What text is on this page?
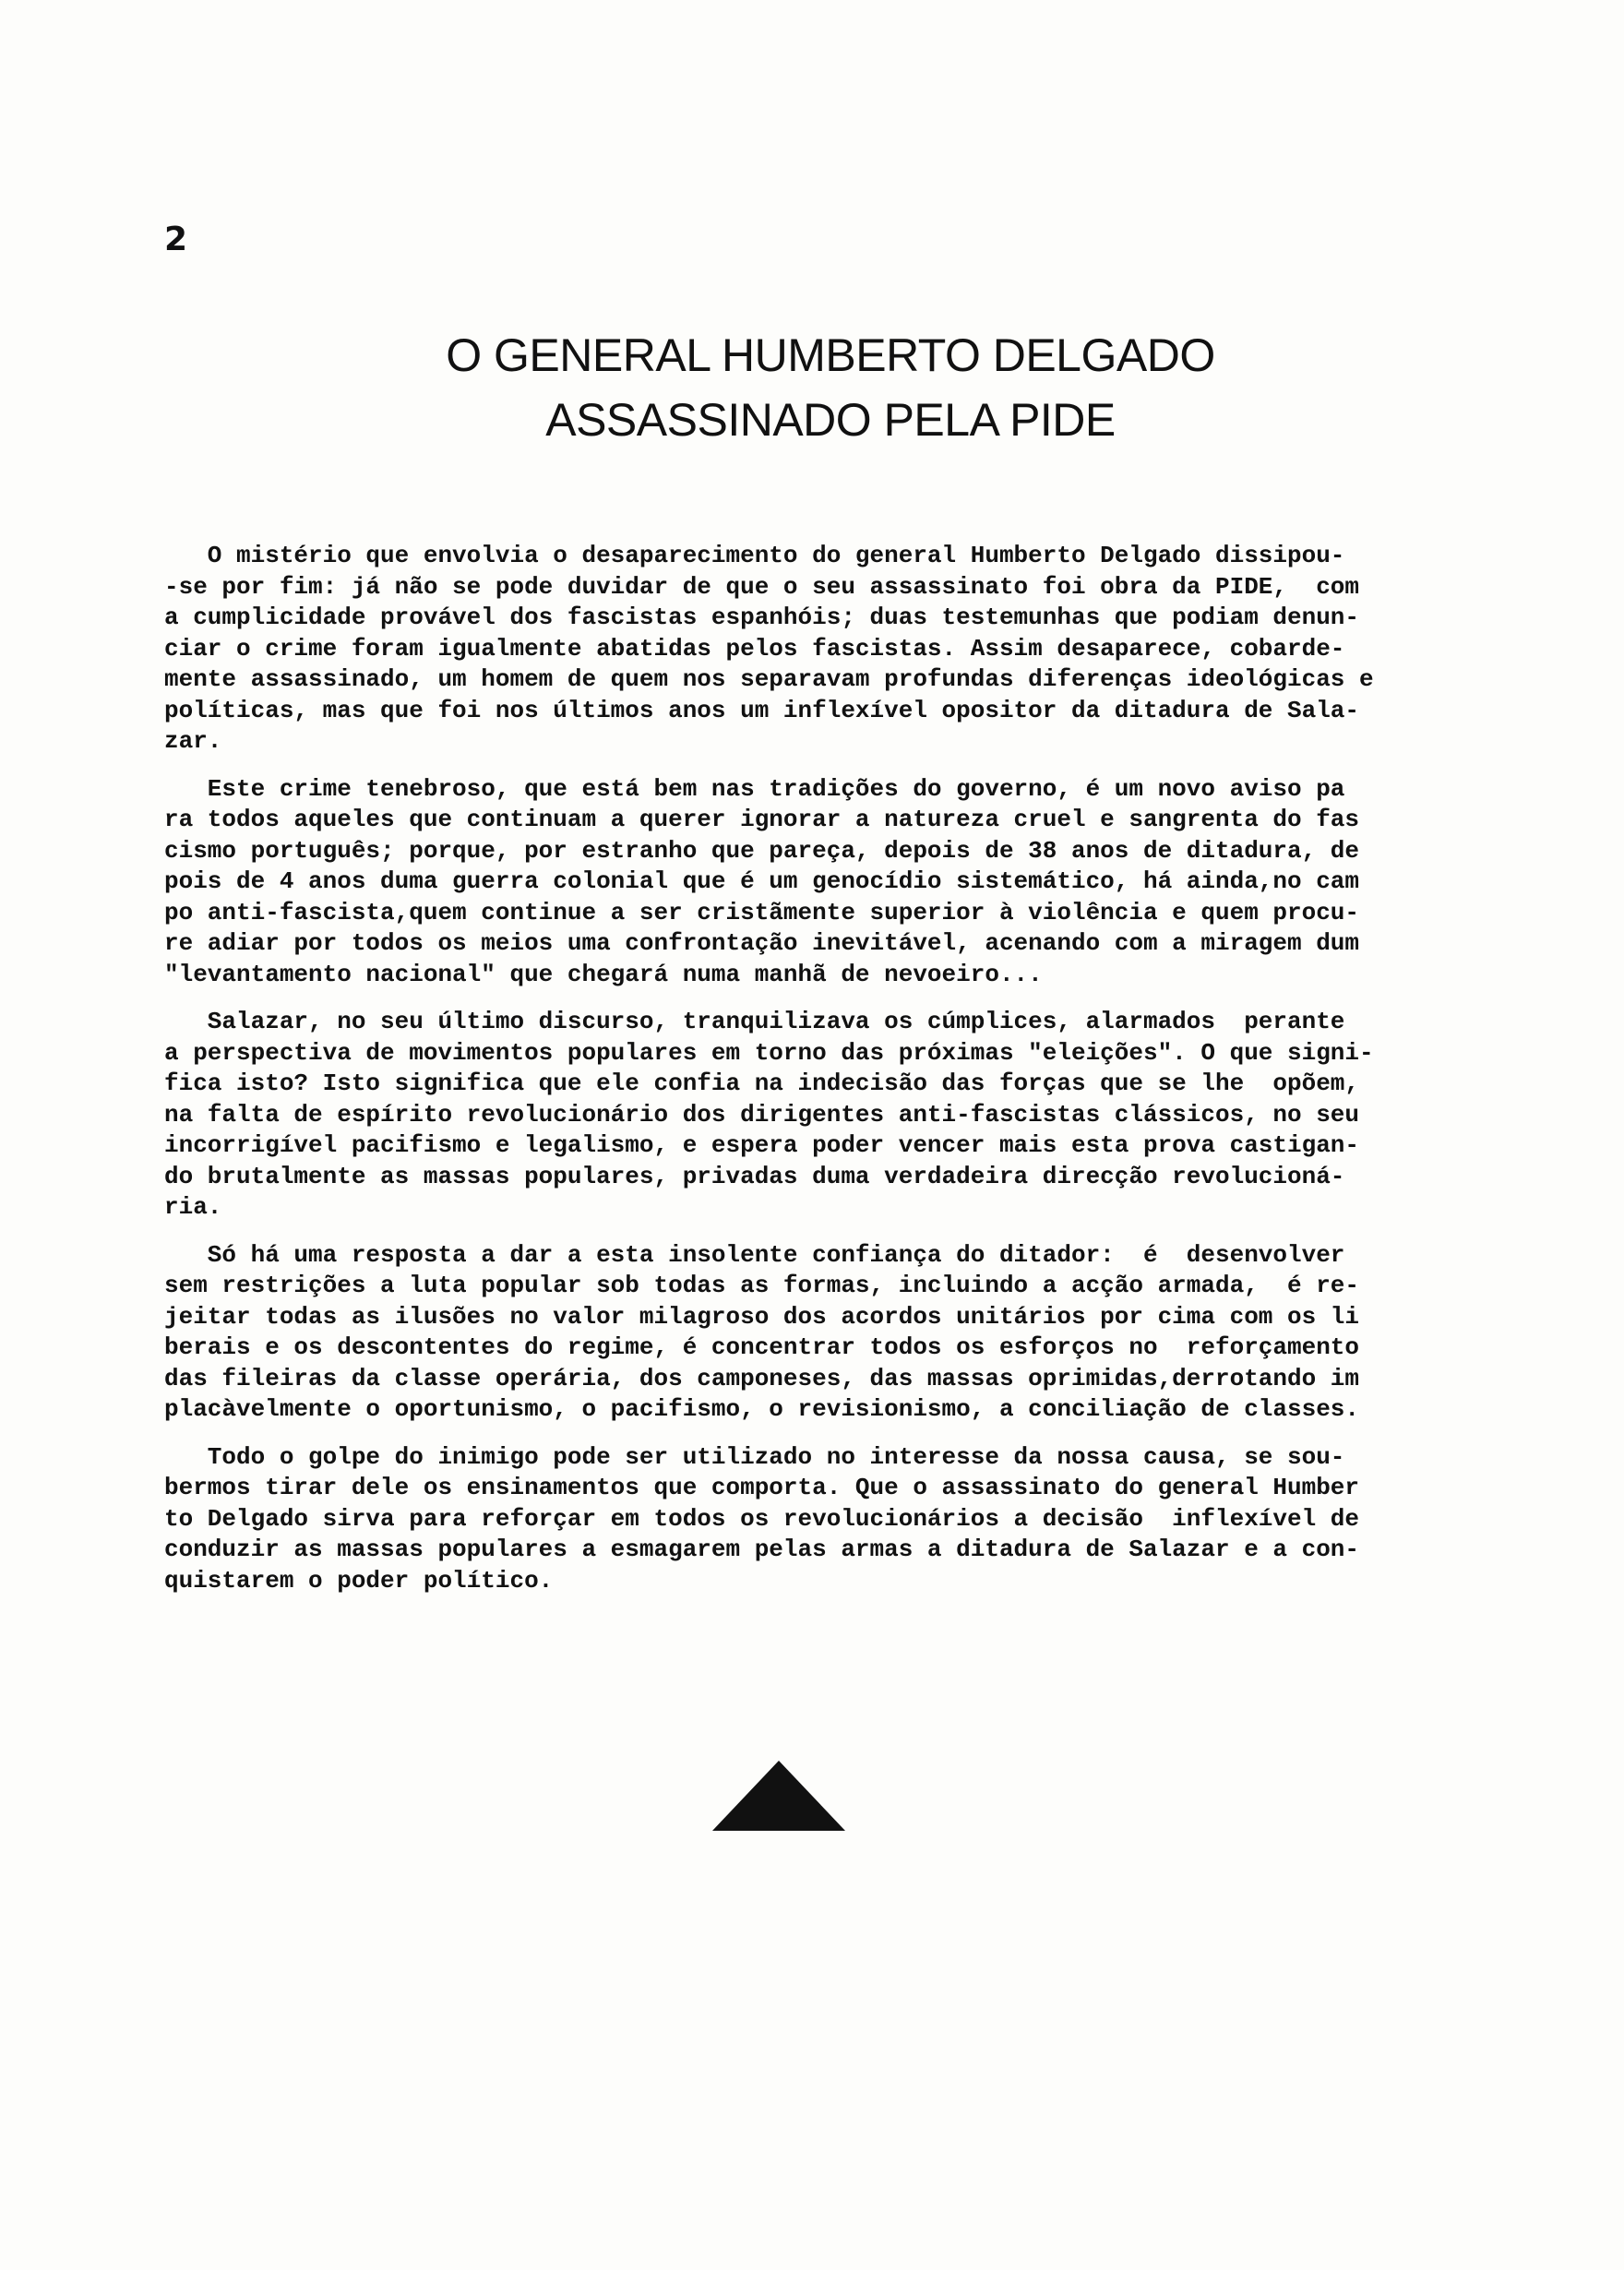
2
O GENERAL HUMBERTO DELGADO
ASSASSINADO PELA PIDE
O mistério que envolvia o desaparecimento do general Humberto Delgado dissipou-
-se por fim: já não se pode duvidar de que o seu assassinato foi obra da PIDE,  com
a cumplicidade provável dos fascistas espanhóis; duas testemunhas que podiam denun-
ciar o crime foram igualmente abatidas pelos fascistas. Assim desaparece, cobarde-
mente assassinado, um homem de quem nos separavam profundas diferenças ideológicas e
políticas, mas que foi nos últimos anos um inflexível opositor da ditadura de Sala-
zar.
Este crime tenebroso, que está bem nas tradições do governo, é um novo aviso pa
ra todos aqueles que continuam a querer ignorar a natureza cruel e sangrenta do fas
cismo português; porque, por estranho que pareça, depois de 38 anos de ditadura, de
pois de 4 anos duma guerra colonial que é um genocídio sistemático, há ainda,no cam
po anti-fascista,quem continue a ser cristãmente superior à violência e quem procu-
re adiar por todos os meios uma confrontação inevitável, acenando com a miragem dum
"levantamento nacional" que chegará numa manhã de nevoeiro...
Salazar, no seu último discurso, tranquilizava os cúmplices, alarmados  perante
a perspectiva de movimentos populares em torno das próximas "eleições". O que signi-
fica isto? Isto significa que ele confia na indecisão das forças que se lhe  opõem,
na falta de espírito revolucionário dos dirigentes anti-fascistas clássicos, no seu
incorrigível pacifismo e legalismo, e espera poder vencer mais esta prova castigan-
do brutalmente as massas populares, privadas duma verdadeira direcção revolucioná-
ria.
Só há uma resposta a dar a esta insolente confiança do ditador:  é  desenvolver
sem restrições a luta popular sob todas as formas, incluindo a acção armada,  é re-
jeitar todas as ilusões no valor milagroso dos acordos unitários por cima com os li
berais e os descontentes do regime, é concentrar todos os esforços no  reforçamento
das fileiras da classe operária, dos camponeses, das massas oprimidas,derrotando im
placàvelmente o oportunismo, o pacifismo, o revisionismo, a conciliação de classes.
Todo o golpe do inimigo pode ser utilizado no interesse da nossa causa, se sou-
bermos tirar dele os ensinamentos que comporta. Que o assassinato do general Humber
to Delgado sirva para reforçar em todos os revolucionários a decisão  inflexível de
conduzir as massas populares a esmagarem pelas armas a ditadura de Salazar e a con-
quistarem o poder político.
